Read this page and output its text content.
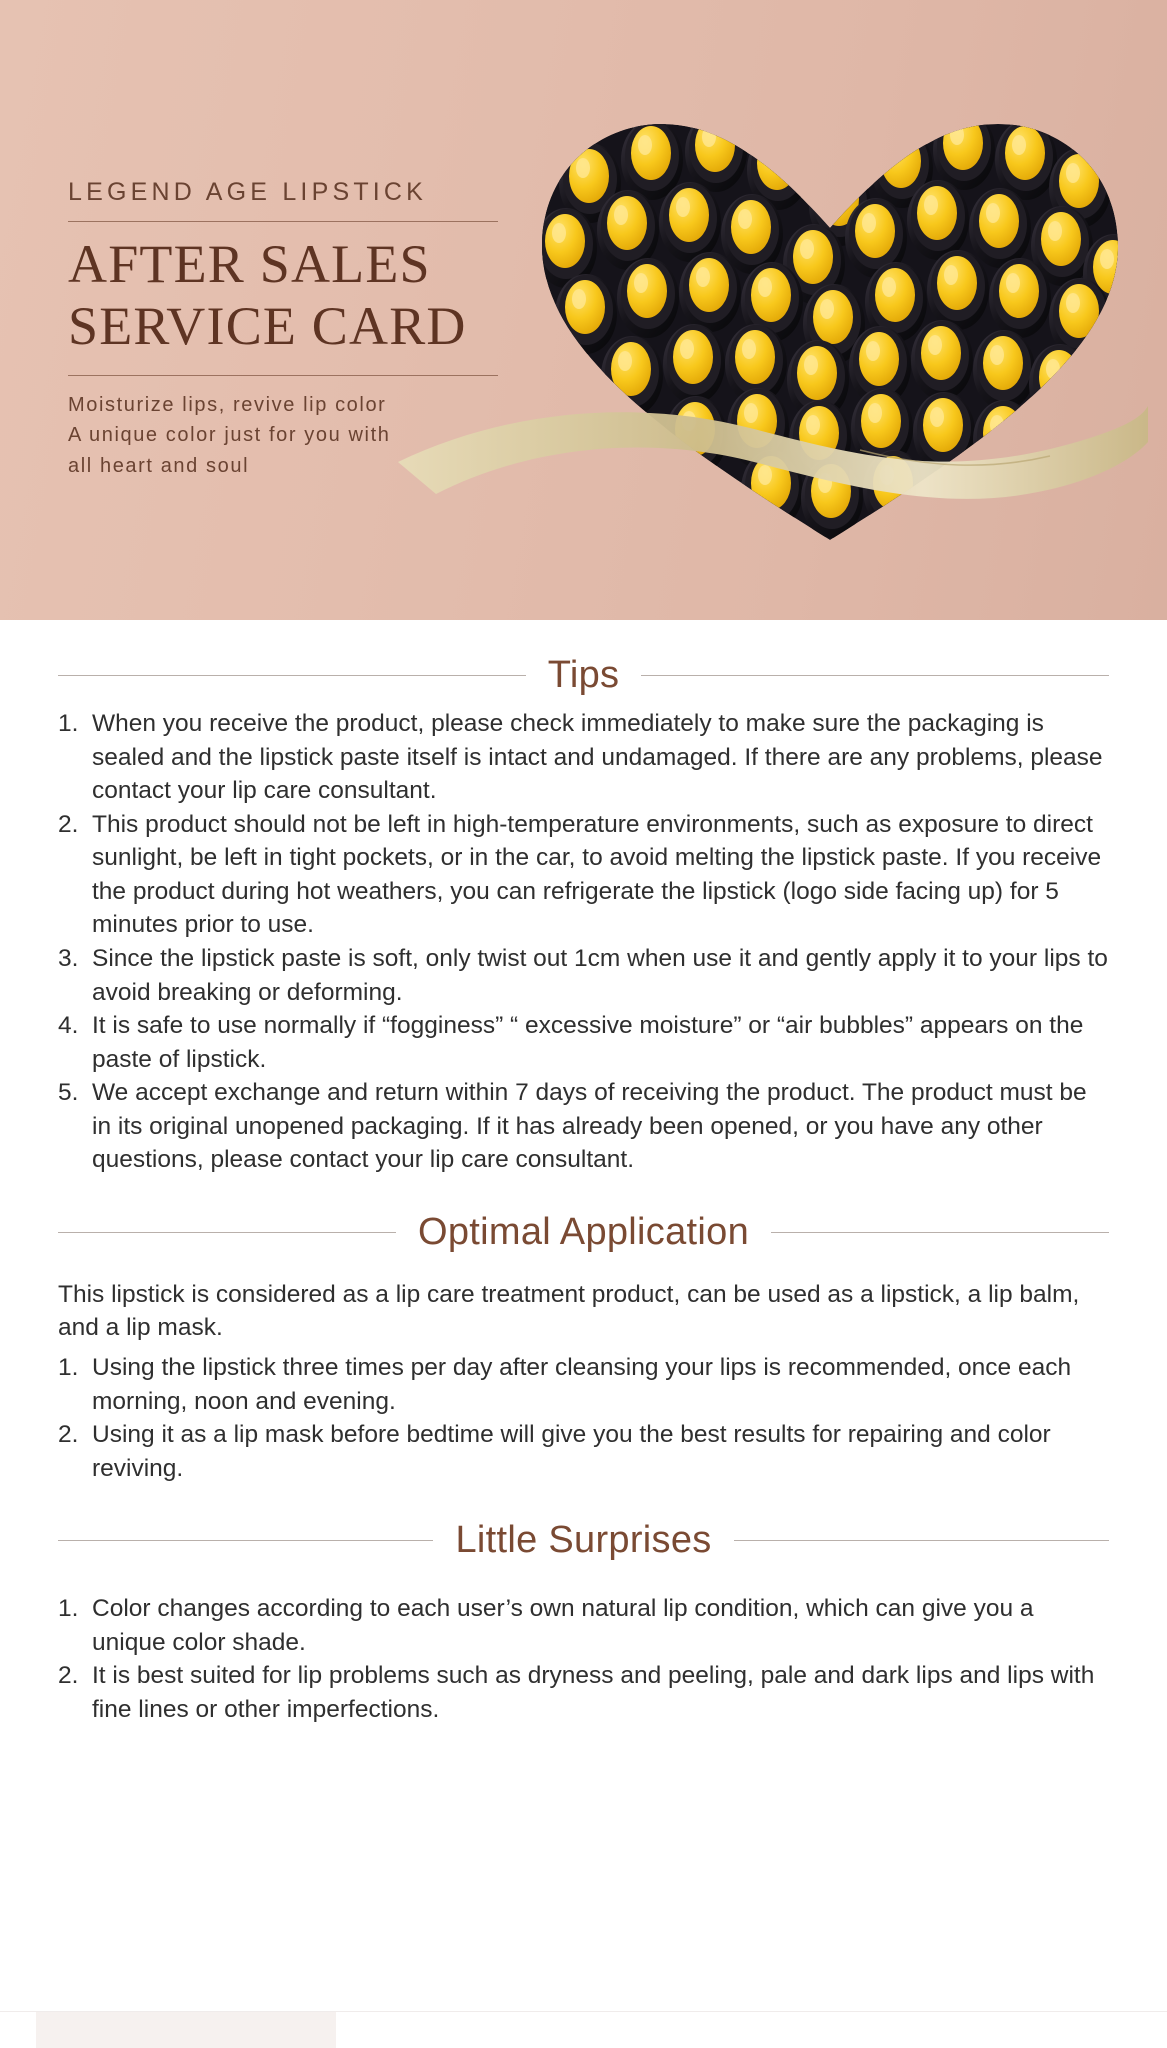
LEGEND AGE LIPSTICK
AFTER SALES
SERVICE CARD
Moisturize lips, revive lip color
A unique color just for you with
all heart and soul
Tips
1. When you receive the product, please check immediately to make sure the packaging is sealed and the lipstick paste itself is intact and undamaged. If there are any problems, please contact your lip care consultant.
2. This product should not be left in high-temperature environments, such as exposure to direct sunlight, be left in tight pockets, or in the car, to avoid melting the lipstick paste. If you receive the product during hot weathers, you can refrigerate the lipstick (logo side facing up) for 5 minutes prior to use.
3. Since the lipstick paste is soft, only twist out 1cm when use it and gently apply it to your lips to avoid breaking or deforming.
4. It is safe to use normally if “fogginess” “ excessive moisture” or “air bubbles” appears on the paste of lipstick.
5. We accept exchange and return within 7 days of receiving the product. The product must be in its original unopened packaging. If it has already been opened, or you have any other questions, please contact your lip care consultant.
Optimal Application

This lipstick is considered as a lip care treatment product, can be used as a lipstick, a lip balm, and a lip mask.

1. Using the lipstick three times per day after cleansing your lips is recommended, once each morning, noon and evening.
2. Using it as a lip mask before bedtime will give you the best results for repairing and color reviving.
Little Surprises
1. Color changes according to each user’s own natural lip condition, which can give you a unique color shade.
2. It is best suited for lip problems such as dryness and peeling, pale and dark lips and lips with fine lines or other imperfections.
